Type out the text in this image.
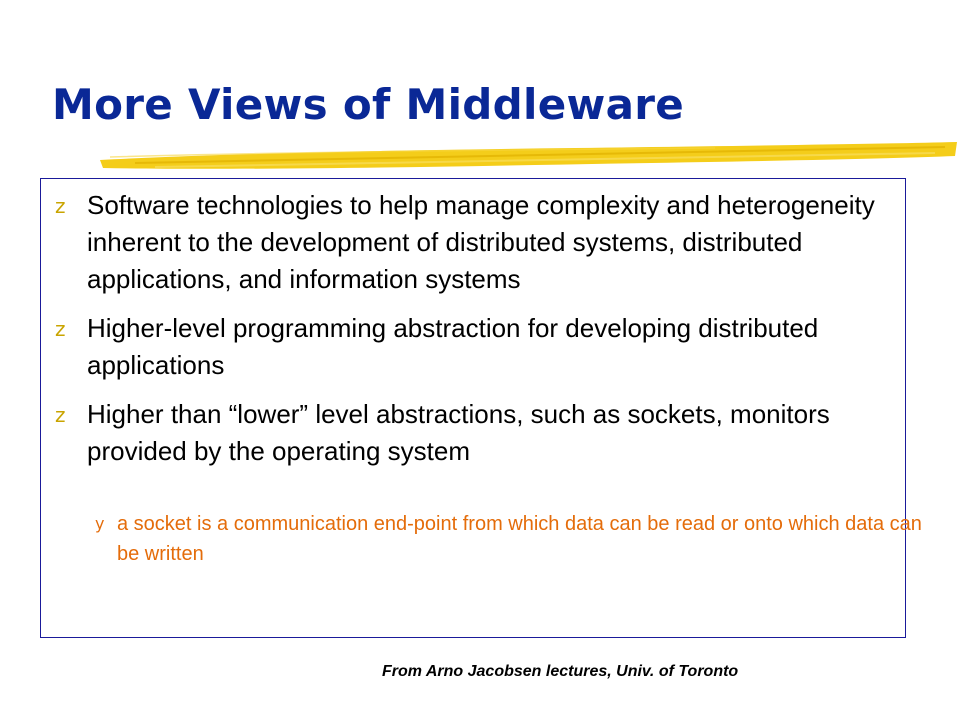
More Views of Middleware
z Software technologies to help manage complexity and heterogeneity inherent to the development of distributed systems, distributed applications, and information systems
z Higher-level programming abstraction for developing distributed applications
z Higher than “lower” level abstractions, such as sockets, monitors provided by the operating system
y a socket is a communication end-point from which data can be read or onto which data can be written
From Arno Jacobsen lectures, Univ. of Toronto
